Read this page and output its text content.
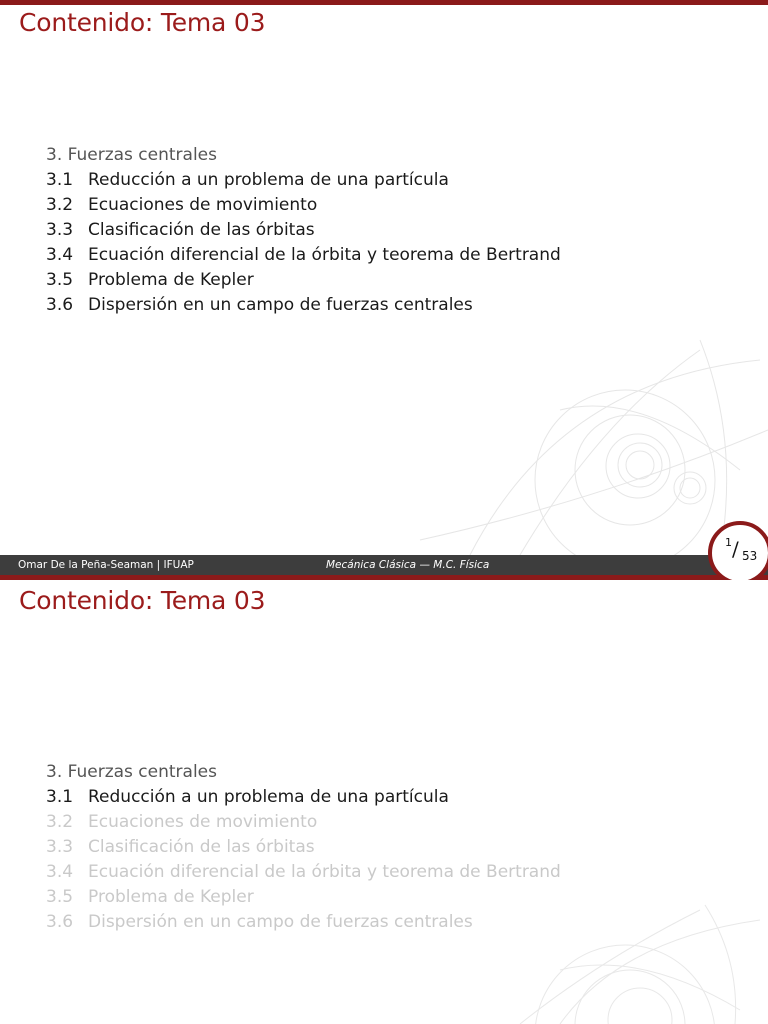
Contenido: Tema 03
3. Fuerzas centrales
3.1 Reducción a un problema de una partícula
3.2 Ecuaciones de movimiento
3.3 Clasificación de las órbitas
3.4 Ecuación diferencial de la órbita y teorema de Bertrand
3.5 Problema de Kepler
3.6 Dispersión en un campo de fuerzas centrales
Omar De la Peña-Seaman | IFUAP	Mecánica Clásica — M.C. Física
1 / 53
Contenido: Tema 03
3. Fuerzas centrales
3.1 Reducción a un problema de una partícula
3.2 Ecuaciones de movimiento
3.3 Clasificación de las órbitas
3.4 Ecuación diferencial de la órbita y teorema de Bertrand
3.5 Problema de Kepler
3.6 Dispersión en un campo de fuerzas centrales
